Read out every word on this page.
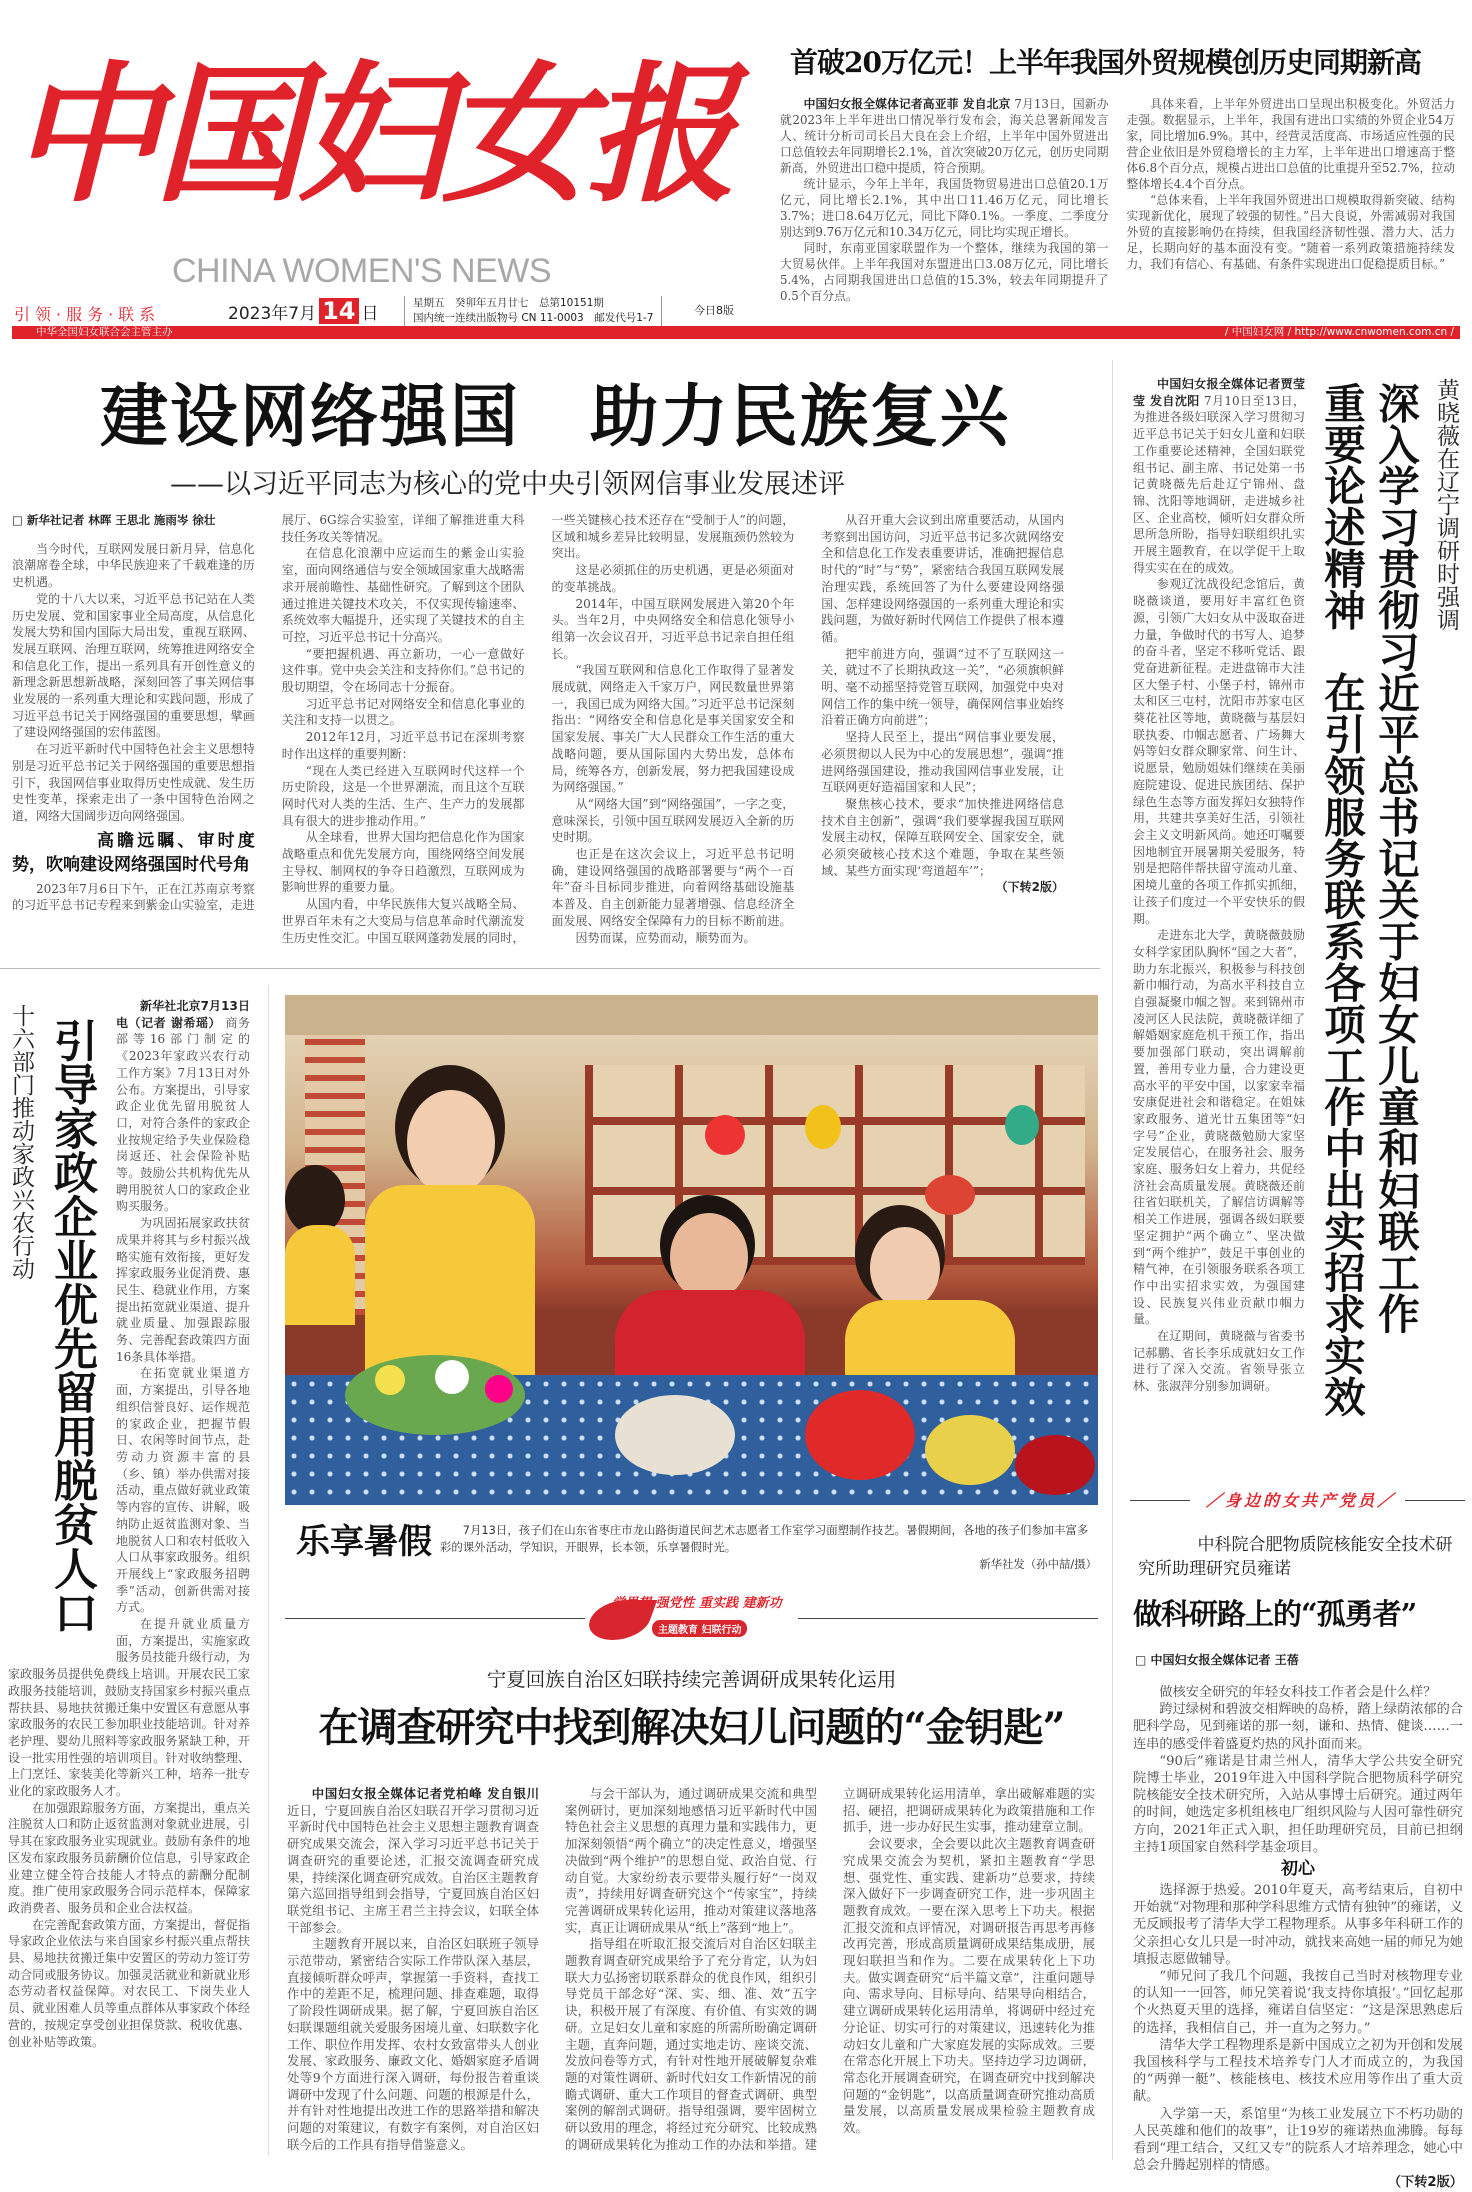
中国妇女报
CHINA WOMEN'S NEWS
引领·服务·联系	2023年7月 14 日
星期五　癸卯年五月廿七　总第10151期
国内统一连续出版物号 CN 11-0003　邮发代号1-7
今日8版
中华全国妇女联合会主管主办	/ 中国妇女网 / http://www.cnwomen.com.cn /
首破20万亿元！上半年我国外贸规模创历史同期新高

中国妇女报全媒体记者高亚菲 发自北京 7月13日，国新办就2023年上半年进出口情况举行发布会，海关总署新闻发言人、统计分析司司长吕大良在会上介绍，上半年中国外贸进出口总值较去年同期增长2.1%，首次突破20万亿元，创历史同期新高，外贸进出口稳中提质，符合预期。

统计显示，今年上半年，我国货物贸易进出口总值20.1万亿元，同比增长2.1%，其中出口11.46万亿元，同比增长3.7%；进口8.64万亿元，同比下降0.1%。一季度、二季度分别达到9.76万亿元和10.34万亿元，同比均实现正增长。

同时，东南亚国家联盟作为一个整体，继续为我国的第一大贸易伙伴。上半年我国对东盟进出口3.08万亿元，同比增长5.4%，占同期我国进出口总值的15.3%，较去年同期提升了0.5个百分点。

具体来看，上半年外贸进出口呈现出积极变化。外贸活力走强。数据显示，上半年，我国有进出口实绩的外贸企业54万家，同比增加6.9%。其中，经营灵活度高、市场适应性强的民营企业依旧是外贸稳增长的主力军，上半年进出口增速高于整体6.8个百分点，规模占进出口总值的比重提升至52.7%，拉动整体增长4.4个百分点。

“总体来看，上半年我国外贸进出口规模取得新突破、结构实现新优化，展现了较强的韧性。”吕大良说，外需减弱对我国外贸的直接影响仍在持续，但我国经济韧性强、潜力大、活力足，长期向好的基本面没有变。“随着一系列政策措施持续发力，我们有信心、有基础、有条件实现进出口促稳提质目标。”

建设网络强国　助力民族复兴
——以习近平同志为核心的党中央引领网信事业发展述评
□ 新华社记者 林晖 王思北 施雨岑 徐壮

当今时代，互联网发展日新月异，信息化浪潮席卷全球，中华民族迎来了千载难逢的历史机遇。

党的十八大以来，习近平总书记站在人类历史发展、党和国家事业全局高度，从信息化发展大势和国内国际大局出发，重视互联网、发展互联网、治理互联网，统筹推进网络安全和信息化工作，提出一系列具有开创性意义的新理念新思想新战略，深刻回答了事关网信事业发展的一系列重大理论和实践问题，形成了习近平总书记关于网络强国的重要思想，擘画了建设网络强国的宏伟蓝图。

在习近平新时代中国特色社会主义思想特别是习近平总书记关于网络强国的重要思想指引下，我国网信事业取得历史性成就、发生历史性变革，探索走出了一条中国特色治网之道，网络大国阔步迈向网络强国。

高瞻远瞩、审时度势，吹响建设网络强国时代号角

2023年7月6日下午，正在江苏南京考察的习近平总书记专程来到紫金山实验室，走进展厅、6G综合实验室，详细了解推进重大科技任务攻关等情况。

在信息化浪潮中应运而生的紫金山实验室，面向网络通信与安全领域国家重大战略需求开展前瞻性、基础性研究。了解到这个团队通过推进关键技术攻关，不仅实现传输速率、系统效率大幅提升，还实现了关键技术的自主可控，习近平总书记十分高兴。

“要把握机遇、再立新功，一心一意做好这件事。党中央会关注和支持你们。”总书记的殷切期望，令在场同志十分振奋。

习近平总书记对网络安全和信息化事业的关注和支持一以贯之。

2012年12月，习近平总书记在深圳考察时作出这样的重要判断：

“现在人类已经进入互联网时代这样一个历史阶段，这是一个世界潮流，而且这个互联网时代对人类的生活、生产、生产力的发展都具有很大的进步推动作用。”

从全球看，世界大国均把信息化作为国家战略重点和优先发展方向，围绕网络空间发展主导权、制网权的争夺日趋激烈，互联网成为影响世界的重要力量。

从国内看，中华民族伟大复兴战略全局、世界百年未有之大变局与信息革命时代潮流发生历史性交汇。中国互联网蓬勃发展的同时，一些关键核心技术还存在“受制于人”的问题，区域和城乡差异比较明显，发展瓶颈仍然较为突出。

这是必须抓住的历史机遇，更是必须面对的变革挑战。

2014年，中国互联网发展进入第20个年头。当年2月，中央网络安全和信息化领导小组第一次会议召开，习近平总书记亲自担任组长。

“我国互联网和信息化工作取得了显著发展成就，网络走入千家万户，网民数量世界第一，我国已成为网络大国。”习近平总书记深刻指出：“网络安全和信息化是事关国家安全和国家发展、事关广大人民群众工作生活的重大战略问题，要从国际国内大势出发，总体布局，统筹各方，创新发展，努力把我国建设成为网络强国。”

从“网络大国”到“网络强国”，一字之变，意味深长，引领中国互联网发展迈入全新的历史时期。

也正是在这次会议上，习近平总书记明确，建设网络强国的战略部署要与“两个一百年”奋斗目标同步推进，向着网络基础设施基本普及、自主创新能力显著增强、信息经济全面发展、网络安全保障有力的目标不断前进。

因势而谋，应势而动，顺势而为。

从召开重大会议到出席重要活动，从国内考察到出国访问，习近平总书记多次就网络安全和信息化工作发表重要讲话，准确把握信息时代的“时”与“势”，紧密结合我国互联网发展治理实践，系统回答了为什么要建设网络强国、怎样建设网络强国的一系列重大理论和实践问题，为做好新时代网信工作提供了根本遵循。

把牢前进方向，强调“过不了互联网这一关，就过不了长期执政这一关”，“必须旗帜鲜明、毫不动摇坚持党管互联网，加强党中央对网信工作的集中统一领导，确保网信事业始终沿着正确方向前进”；

坚持人民至上，提出“网信事业要发展，必须贯彻以人民为中心的发展思想”，强调“推进网络强国建设，推动我国网信事业发展，让互联网更好造福国家和人民”；

聚焦核心技术，要求“加快推进网络信息技术自主创新”，强调“我们要掌握我国互联网发展主动权，保障互联网安全、国家安全，就必须突破核心技术这个难题，争取在某些领域、某些方面实现‘弯道超车’”；

（下转2版）
黄晓薇在辽宁调研时强调
深入学习贯彻习近平总书记关于妇女儿童和妇联工作
重要论述精神　在引领服务联系各项工作中出实招求实效

中国妇女报全媒体记者贾莹莹 发自沈阳 7月10日至13日，为推进各级妇联深入学习贯彻习近平总书记关于妇女儿童和妇联工作重要论述精神，全国妇联党组书记、副主席、书记处第一书记黄晓薇先后赴辽宁锦州、盘锦、沈阳等地调研，走进城乡社区、企业高校，倾听妇女群众所思所急所盼，指导妇联组织扎实开展主题教育，在以学促干上取得实实在在的成效。

参观辽沈战役纪念馆后，黄晓薇谈道，要用好丰富红色资源，引领广大妇女从中汲取奋进力量，争做时代的书写人、追梦的奋斗者，坚定不移听党话、跟党奋进新征程。走进盘锦市大洼区大堡子村、小堡子村，锦州市太和区三屯村，沈阳市苏家屯区葵花社区等地，黄晓薇与基层妇联执委、巾帼志愿者、广场舞大妈等妇女群众聊家常、问生计、说愿景，勉励姐妹们继续在美丽庭院建设、促进民族团结、保护绿色生态等方面发挥妇女独特作用，共建共享美好生活，引领社会主义文明新风尚。她还叮嘱要因地制宜开展暑期关爱服务，特别是把陪伴帮扶留守流动儿童、困境儿童的各项工作抓实抓细，让孩子们度过一个平安快乐的假期。

走进东北大学，黄晓薇鼓励女科学家团队胸怀“国之大者”，助力东北振兴，积极参与科技创新巾帼行动，为高水平科技自立自强凝聚巾帼之智。来到锦州市凌河区人民法院，黄晓薇详细了解婚姻家庭危机干预工作，指出要加强部门联动，突出调解前置，善用专业力量，合力建设更高水平的平安中国，以家家幸福安康促进社会和谐稳定。在姐妹家政服务、道光廿五集团等“妇字号”企业，黄晓薇勉励大家坚定发展信心，在服务社会、服务家庭、服务妇女上着力，共促经济社会高质量发展。黄晓薇还前往省妇联机关，了解信访调解等相关工作进展，强调各级妇联要坚定拥护“两个确立”、坚决做到“两个维护”，鼓足干事创业的精气神，在引领服务联系各项工作中出实招求实效，为强国建设、民族复兴伟业贡献巾帼力量。

在辽期间，黄晓薇与省委书记郝鹏、省长李乐成就妇女工作进行了深入交流。省领导张立林、张淑萍分别参加调研。

十六部门推动家政兴农行动 引导家政企业优先留用脱贫人口

新华社北京7月13日电（记者 谢希瑶） 商务部等16部门制定的《2023年家政兴农行动工作方案》7月13日对外公布。方案提出，引导家政企业优先留用脱贫人口，对符合条件的家政企业按规定给予失业保险稳岗返还、社会保险补贴等。鼓励公共机构优先从聘用脱贫人口的家政企业购买服务。

为巩固拓展家政扶贫成果并将其与乡村振兴战略实施有效衔接，更好发挥家政服务业促消费、惠民生、稳就业作用，方案提出拓宽就业渠道、提升就业质量、加强跟踪服务、完善配套政策四方面16条具体举措。

在拓宽就业渠道方面，方案提出，引导各地组织信誉良好、运作规范的家政企业，把握节假日、农闲等时间节点，赴劳动力资源丰富的县（乡、镇）举办供需对接活动，重点做好就业政策等内容的宣传、讲解，吸纳防止返贫监测对象、当地脱贫人口和农村低收入人口从事家政服务。组织开展线上“家政服务招聘季”活动，创新供需对接方式。

在提升就业质量方面，方案提出，实施家政服务员技能升级行动，为家政服务员提供免费线上培训。开展农民工家政服务技能培训，鼓励支持国家乡村振兴重点帮扶县、易地扶贫搬迁集中安置区有意愿从事家政服务的农民工参加职业技能培训。针对养老护理、婴幼儿照料等家政服务紧缺工种，开设一批实用性强的培训项目。针对收纳整理、上门烹饪、家装美化等新兴工种，培养一批专业化的家政服务人才。

在加强跟踪服务方面，方案提出，重点关注脱贫人口和防止返贫监测对象就业进展，引导其在家政服务业实现就业。鼓励有条件的地区发布家政服务员薪酬价位信息，引导家政企业建立健全符合技能人才特点的薪酬分配制度。推广使用家政服务合同示范样本，保障家政消费者、服务员和企业合法权益。

在完善配套政策方面，方案提出，督促指导家政企业依法与来自国家乡村振兴重点帮扶县、易地扶贫搬迁集中安置区的劳动力签订劳动合同或服务协议。加强灵活就业和新就业形态劳动者权益保障。对农民工、下岗失业人员、就业困难人员等重点群体从事家政个体经营的，按规定享受创业担保贷款、税收优惠、创业补贴等政策。

乐享暑假	7月13日，孩子们在山东省枣庄市龙山路街道民间艺术志愿者工作室学习面塑制作技艺。暑假期间，各地的孩子们参加丰富多彩的课外活动，学知识，开眼界，长本领，乐享暑假时光。
新华社发（孙中喆/摄）
学思想 强党性 重实践 建新功
主题教育 妇联行动
宁夏回族自治区妇联持续完善调研成果转化运用
在调查研究中找到解决妇儿问题的“金钥匙”

中国妇女报全媒体记者党柏峰 发自银川 近日，宁夏回族自治区妇联召开学习贯彻习近平新时代中国特色社会主义思想主题教育调查研究成果交流会，深入学习习近平总书记关于调查研究的重要论述，汇报交流调查研究成果，持续深化调查研究成效。自治区主题教育第六巡回指导组到会指导，宁夏回族自治区妇联党组书记、主席王君兰主持会议，妇联全体干部参会。

主题教育开展以来，自治区妇联班子领导示范带动，紧密结合实际工作带队深入基层，直接倾听群众呼声，掌握第一手资料，查找工作中的差距不足，梳理问题、排查难题，取得了阶段性调研成果。据了解，宁夏回族自治区妇联课题组就关爱服务困境儿童、妇联数字化工作、职位作用发挥、农村女致富带头人创业发展、家政服务、廉政文化、婚姻家庭矛盾调处等9个方面进行深入调研，每份报告着重谈调研中发现了什么问题、问题的根源是什么，并有针对性地提出改进工作的思路举措和解决问题的对策建议，有数字有案例，对自治区妇联今后的工作具有指导借鉴意义。

与会干部认为，通过调研成果交流和典型案例研讨，更加深刻地感悟习近平新时代中国特色社会主义思想的真理力量和实践伟力，更加深刻领悟“两个确立”的决定性意义，增强坚决做到“两个维护”的思想自觉、政治自觉、行动自觉。大家纷纷表示要带头履行好“一岗双责”，持续用好调查研究这个“传家宝”，持续完善调研成果转化运用，推动对策建议落地落实，真正让调研成果从“纸上”落到“地上”。

指导组在听取汇报交流后对自治区妇联主题教育调查研究成果给予了充分肯定，认为妇联大力弘扬密切联系群众的优良作风，组织引导党员干部念好“深、实、细、准、效”五字诀，积极开展了有深度、有价值、有实效的调研。立足妇女儿童和家庭的所需所盼确定调研主题，直奔问题，通过实地走访、座谈交流、发放问卷等方式，有针对性地开展破解复杂难题的对策性调研、新时代妇女工作新情况的前瞻式调研、重大工作项目的督查式调研、典型案例的解剖式调研。指导组强调，要牢固树立研以致用的理念，将经过充分研究、比较成熟的调研成果转化为推动工作的办法和举措。建立调研成果转化运用清单，拿出破解难题的实招、硬招，把调研成果转化为政策措施和工作抓手，进一步办好民生实事，推动建章立制。

会议要求，全会要以此次主题教育调查研究成果交流会为契机，紧扣主题教育“学思想、强党性、重实践、建新功”总要求，持续深入做好下一步调查研究工作，进一步巩固主题教育成效。一要在深入思考上下功夫。根据汇报交流和点评情况，对调研报告再思考再修改再完善，形成高质量调研成果结集成册，展现妇联担当和作为。二要在成果转化上下功夫。做实调查研究“后半篇文章”，注重问题导向、需求导向、目标导向、结果导向相结合，建立调研成果转化运用清单，将调研中经过充分论证、切实可行的对策建议，迅速转化为推动妇女儿童和广大家庭发展的实际成效。三要在常态化开展上下功夫。坚持边学习边调研，常态化开展调查研究，在调查研究中找到解决问题的“金钥匙”，以高质量调查研究推动高质量发展，以高质量发展成果检验主题教育成效。

／身边的女共产党员／
中科院合肥物质院核能安全技术研究所助理研究员雍诺
做科研路上的“孤勇者”
□ 中国妇女报全媒体记者 王蓓

做核安全研究的年轻女科技工作者会是什么样？

跨过绿树和碧波交相辉映的岛桥，踏上绿荫浓郁的合肥科学岛，见到雍诺的那一刻，谦和、热情、健谈……一连串的感受伴着盛夏灼热的风扑面而来。

“90后”雍诺是甘肃兰州人，清华大学公共安全研究院博士毕业，2019年进入中国科学院合肥物质科学研究院核能安全技术研究所，入站从事博士后研究。通过两年的时间，她选定多机组核电厂组织风险与人因可靠性研究方向，2021年正式入职，担任助理研究员，目前已担纲主持1项国家自然科学基金项目。

初心

选择源于热爱。2010年夏天，高考结束后，自初中开始就“对物理和那种学科思维方式情有独钟”的雍诺，义无反顾报考了清华大学工程物理系。从事多年科研工作的父亲担心女儿只是一时冲动，就找来高她一届的师兄为她填报志愿做辅导。

“师兄问了我几个问题，我按自己当时对核物理专业的认知一一回答，师兄笑着说‘我支持你填报’。”回忆起那个火热夏天里的选择，雍诺自信坚定：“这是深思熟虑后的选择，我相信自己，并一直为之努力。”

清华大学工程物理系是新中国成立之初为开创和发展我国核科学与工程技术培养专门人才而成立的，为我国的“两弹一艇”、核能核电、核技术应用等作出了重大贡献。

入学第一天，系馆里“为核工业发展立下不朽功勋的人民英雄和他们的故事”，让19岁的雍诺热血沸腾。每每看到“理工结合，又红又专”的院系人才培养理念，她心中总会升腾起别样的情感。

（下转2版）
